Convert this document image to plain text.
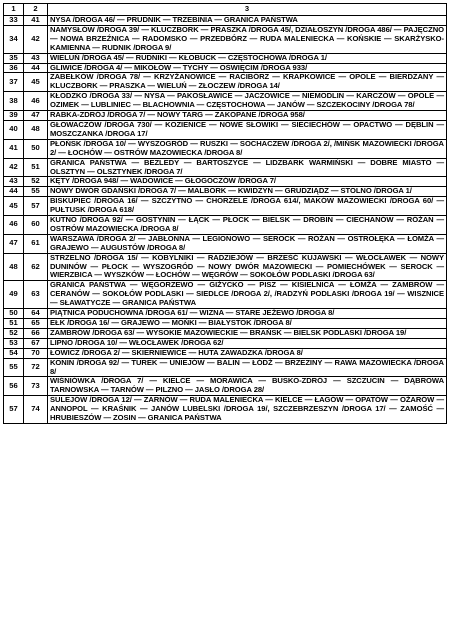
1	2	3
33	41	NYSA /DROGA 46/ — PRUDNIK — TRZEBINIA — GRANICA PAŃSTWA
34	42	NAMYSŁÓW /DROGA 39/ — KLUCZBORK — PRASZKA /DROGA 45/, DZIAŁOSZYN /DROGA 486/ — PAJĘCZNO — NOWA BRZEŹNICA — RADOMSKO — PRZEDBÓRZ — RUDA MALENIECKA — KOŃSKIE — SKARŻYSKO-KAMIENNA — RUDNIK /DROGA 9/
35	43	WIELUŃ /DROGA 45/ — RUDNIKI — KŁOBUCK — CZĘSTOCHOWA /DROGA 1/
36	44	GLIWICE /DROGA 4/ — MIKOŁÓW — TYCHY — OŚWIĘCIM /DROGA 933/
37	45	ZABEŁKÓW /DROGA 78/ — KRZYŻANOWICE — RACIBÓRZ — KRAPKOWICE — OPOLE — BIERDZANY — KLUCZBORK — PRASZKA — WIELUŃ — ZŁOCZEW /DROGA 14/
38	46	KŁODZKO /DROGA 33/ — NYSA — PAKOSŁAWICE — JACZOWICE — NIEMODLIN — KARCZÓW — OPOLE — OZIMEK — LUBLINIEC — BLACHOWNIA — CZĘSTOCHOWA — JANÓW — SZCZEKOCINY /DROGA 78/
39	47	RABKA-ZDRÓJ /DROGA 7/ — NOWY TARG — ZAKOPANE /DROGA 958/
40	48	GŁOWACZÓW /DROGA 730/ — KOZIENICE — NOWE SŁOWIKI — SIECIECHÓW — OPACTWO — DĘBLIN — MOSZCZANKA /DROGA 17/
41	50	PŁOŃSK /DROGA 10/ — WYSZOGRÓD — RUSZKI — SOCHACZEW /DROGA 2/, /MIŃSK MAZOWIECKI /DROGA 2/ — ŁOCHÓW — OSTRÓW MAZOWIECKA /DROGA 8/
42	51	GRANICA PAŃSTWA — BEZLEDY — BARTOSZYCE — LIDZBARK WARMIŃSKI — DOBRE MIASTO — OLSZTYN — OLSZTYNEK /DROGA 7/
43	52	KĘTY /DROGA 948/ — WADOWICE — GŁOGOCZÓW /DROGA 7/
44	55	NOWY DWÓR GDAŃSKI /DROGA 7/ — MALBORK — KWIDZYN — GRUDZIĄDZ — STOLNO /DROGA 1/
45	57	BISKUPIEC /DROGA 16/ — SZCZYTNO — CHORZELE /DROGA 614/, MAKÓW MAZOWIECKI /DROGA 60/ — PUŁTUSK /DROGA 618/
46	60	KUTNO /DROGA 92/ — GOSTYNIN — ŁĄCK — PŁOCK — BIELSK — DROBIN — CIECHANÓW — RÓŻAN — OSTRÓW MAZOWIECKA /DROGA 8/
47	61	WARSZAWA /DROGA 2/ — JABŁONNA — LEGIONOWO — SEROCK — RÓŻAN — OSTROŁĘKA — ŁOMŻA — GRAJEWO — AUGUSTÓW /DROGA 8/
48	62	STRZELNO /DROGA 15/ — KOBYLNIKI — RADZIEJÓW — BRZEŚĆ KUJAWSKI — WŁOCŁAWEK — NOWY DUNINÓW — PŁOCK — WYSZOGRÓD — NOWY DWÓR MAZOWIECKI — POMIECHÓWEK — SEROCK — WIERZBICA — WYSZKÓW — ŁOCHÓW — WĘGRÓW — SOKOŁÓW PODLASKI /DROGA 63/
49	63	GRANICA PAŃSTWA — WĘGORZEWO — GIŻYCKO — PISZ — KISIELNICA — ŁOMŻA — ZAMBRÓW — CERANÓW — SOKOŁÓW PODLASKI — SIEDLCE /DROGA 2/, /RADZYŃ PODLASKI /DROGA 19/ — WISZNICE — SŁAWATYCZE — GRANICA PAŃSTWA
50	64	PIĄTNICA PODUCHOWNA /DROGA 61/ — WIZNA — STARE JEŻEWO /DROGA 8/
51	65	EŁK /DROGA 16/ — GRAJEWO — MOŃKI — BIAŁYSTOK /DROGA 8/
52	66	ZAMBRÓW /DROGA 63/ — WYSOKIE MAZOWIECKIE — BRAŃSK — BIELSK PODLASKI /DROGA 19/
53	67	LIPNO /DROGA 10/ — WŁOCŁAWEK /DROGA 62/
54	70	ŁOWICZ /DROGA 2/ — SKIERNIEWICE — HUTA ZAWADZKA /DROGA 8/
55	72	KONIN /DROGA 92/ — TUREK — UNIEJÓW — BALIN — ŁÓDŹ — BRZEZINY — RAWA MAZOWIECKA /DROGA 8/
56	73	WIŚNIÓWKA /DROGA 7/ — KIELCE — MORAWICA — BUSKO-ZDRÓJ — SZCZUCIN — DĄBROWA TARNOWSKA — TARNÓW — PILZNO — JASŁO /DROGA 28/
57	74	SULEJÓW /DROGA 12/ — ZARNÓW — RUDA MALENIECKA — KIELCE — ŁAGÓW — OPATÓW — OŻARÓW — ANNOPOL — KRAŚNIK — JANÓW LUBELSKI /DROGA 19/, SZCZEBRZESZYN /DROGA 17/ — ZAMOŚĆ — HRUBIESZÓW — ZOSIN — GRANICA PAŃSTWA
